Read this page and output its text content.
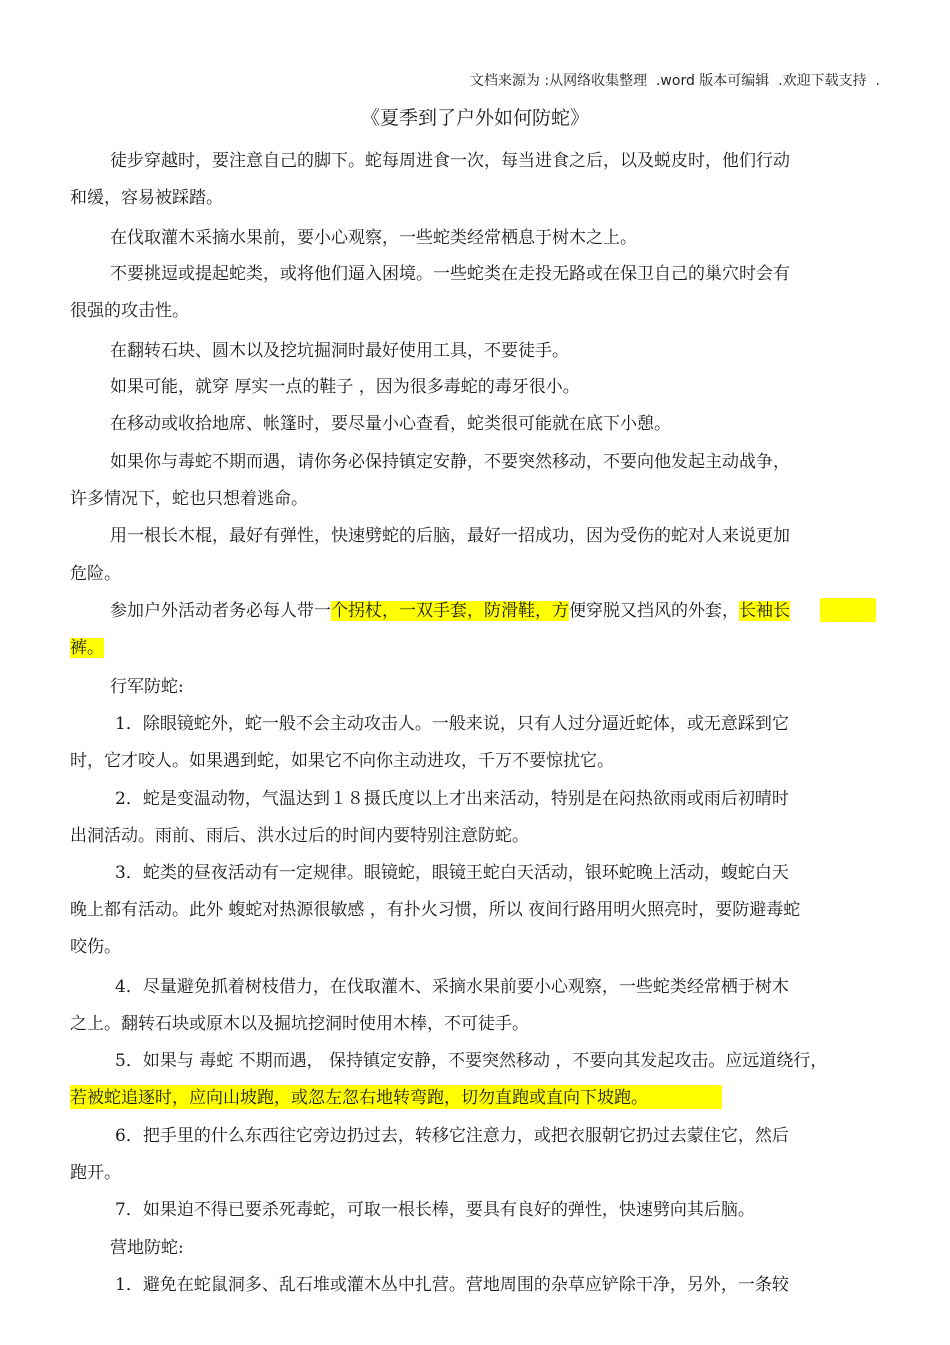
文档来源为 :从网络收集整理  .word 版本可编辑  .欢迎下载支持  .
《夏季到了户外如何防蛇》
徒步穿越时，要注意自己的脚下。蛇每周进食一次，每当进食之后，以及蜕皮时，他们行动
和缓，容易被踩踏。
在伐取灌木采摘水果前，要小心观察，一些蛇类经常栖息于树木之上。
不要挑逗或提起蛇类，或将他们逼入困境。一些蛇类在走投无路或在保卫自己的巢穴时会有
很强的攻击性。
在翻转石块、圆木以及挖坑掘洞时最好使用工具，不要徒手。
如果可能，就穿 厚实一点的鞋子 ，因为很多毒蛇的毒牙很小。
在移动或收拾地席、帐篷时，要尽量小心查看，蛇类很可能就在底下小憩。
如果你与毒蛇不期而遇，请你务必保持镇定安静，不要突然移动，不要向他发起主动战争，
许多情况下，蛇也只想着逃命。
用一根长木棍，最好有弹性，快速劈蛇的后脑，最好一招成功，因为受伤的蛇对人来说更加
危险。
参加户外活动者务必每人带一个拐杖，一双手套，防滑鞋，方便穿脱又挡风的外套，长袖长
裤。
行军防蛇:
1．除眼镜蛇外，蛇一般不会主动攻击人。一般来说，只有人过分逼近蛇体，或无意踩到它
时，它才咬人。如果遇到蛇，如果它不向你主动进攻，千万不要惊扰它。
2．蛇是变温动物，气温达到１８摄氏度以上才出来活动，特别是在闷热欲雨或雨后初晴时
出洞活动。雨前、雨后、洪水过后的时间内要特别注意防蛇。
3．蛇类的昼夜活动有一定规律。眼镜蛇，眼镜王蛇白天活动，银环蛇晚上活动，蝮蛇白天
晚上都有活动。此外 蝮蛇对热源很敏感 ，有扑火习惯，所以 夜间行路用明火照亮时，要防避毒蛇
咬伤。
4．尽量避免抓着树枝借力，在伐取灌木、采摘水果前要小心观察，一些蛇类经常栖于树木
之上。翻转石块或原木以及掘坑挖洞时使用木棒，不可徒手。
5．如果与 毒蛇 不期而遇， 保持镇定安静，不要突然移动 ，不要向其发起攻击。应远道绕行，
若被蛇追逐时，应向山坡跑，或忽左忽右地转弯跑，切勿直跑或直向下坡跑。
6．把手里的什么东西往它旁边扔过去，转移它注意力，或把衣服朝它扔过去蒙住它，然后
跑开。
7．如果迫不得已要杀死毒蛇，可取一根长棒，要具有良好的弹性，快速劈向其后脑。
营地防蛇:
1．避免在蛇鼠洞多、乱石堆或灌木丛中扎营。营地周围的杂草应铲除干净，另外，一条较
